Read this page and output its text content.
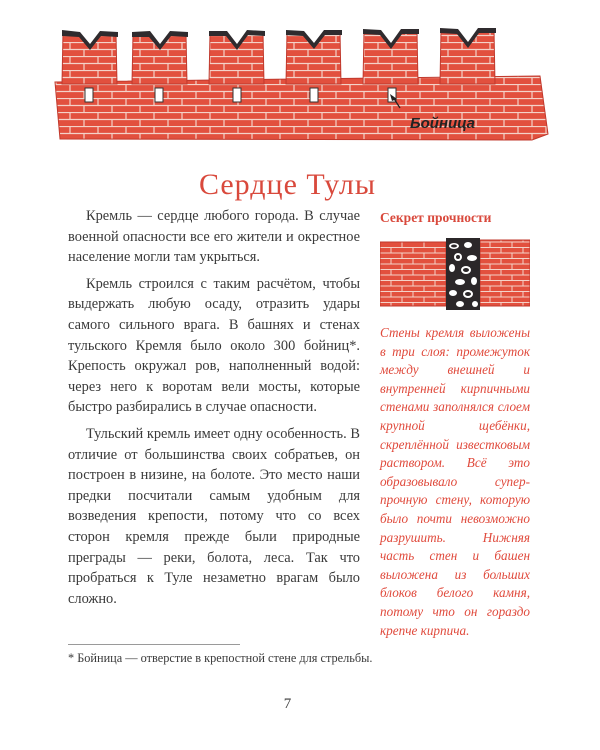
Бойница
Сердце Тулы

Кремль — сердце любого города. В случае военной опасности все его жители и окрестное население могли там укрыться.

Кремль строился с таким расчётом, чтобы выдержать любую осаду, отразить удары самого сильного врага. В башнях и стенах тульского Кремля было около 300 бойниц*. Крепость окружал ров, наполненный водой: через него к воротам вели мосты, которые быстро разбирались в случае опасности.

Тульский кремль имеет одну особенность. В отличие от большинства своих собратьев, он построен в низине, на болоте. Это место наши предки посчитали самым удобным для возведения крепости, потому что со всех сторон кремля прежде были природные преграды — реки, болота, леса. Так что пробраться к Туле незаметно врагам было сложно.

Секрет прочности

Стены кремля выложены в три слоя: промежуток между внешней и внутренней кирпичными стенами заполнялся слоем крупной щебёнки, скреплённой известковым раствором. Всё это образовывало суперпрочную стену, которую было почти невозможно разрушить. Нижняя часть стен и башен выложена из больших блоков белого камня, потому что он гораздо крепче кирпича.

* Бойница — отверстие в крепостной стене для стрельбы.
7
